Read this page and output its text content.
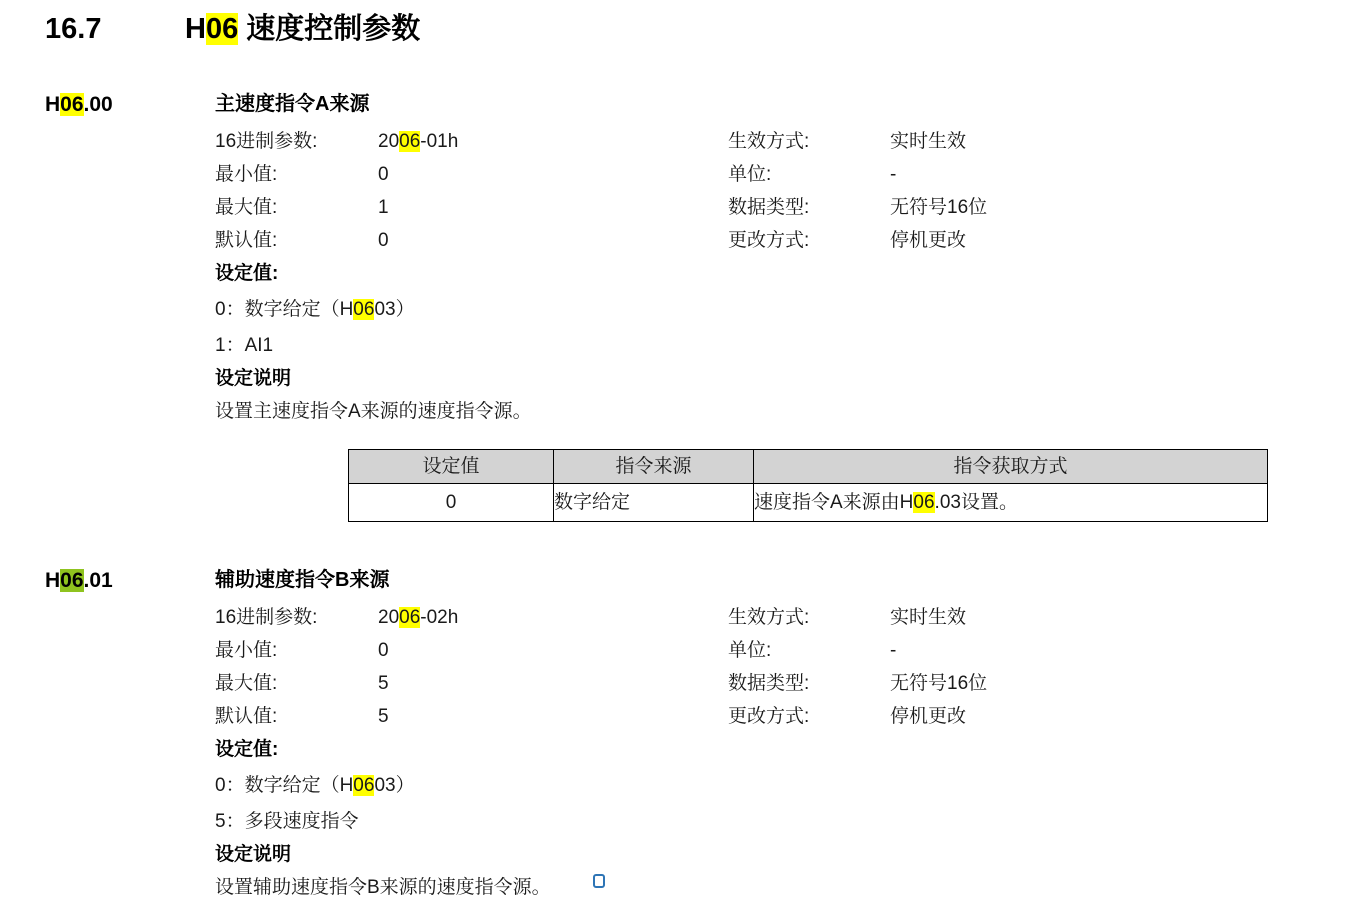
16.7	H06 速度控制参数
H06.00	主速度指令A来源
16进制参数:	2006-01h	生效方式:	实时生效
最小值:	0	单位:	-
最大值:	1	数据类型:	无符号16位
默认值:	0	更改方式:	停机更改
设定值:
0：数字给定（H0603）
1：AI1
设定说明
设置主速度指令A来源的速度指令源。
设定值	指令来源	指令获取方式
0	数字给定	速度指令A来源由H06.03设置。
H06.01	辅助速度指令B来源
16进制参数:	2006-02h	生效方式:	实时生效
最小值:	0	单位:	-
最大值:	5	数据类型:	无符号16位
默认值:	5	更改方式:	停机更改
设定值:
0：数字给定（H0603）
5：多段速度指令
设定说明
设置辅助速度指令B来源的速度指令源。
